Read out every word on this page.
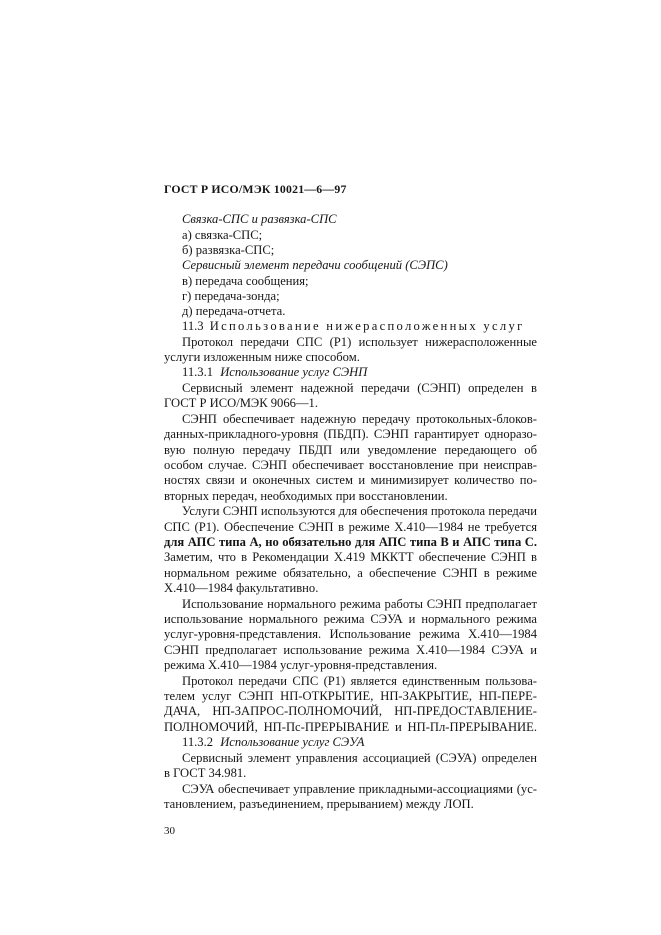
ГОСТ Р ИСО/МЭК 10021—6—97
Связка-СПС и развязка-СПС
а) связка-СПС;
б) развязка-СПС;
Сервисный элемент передачи сообщений (СЭПС)
в) передача сообщения;
г) передача-зонда;
д) передача-отчета.
11.3 Использование нижерасположенных услуг
Протокол передачи СПС (Р1) использует нижерасположенные
услуги изложенным ниже способом.
11.3.1 Использование услуг СЭНП
Сервисный элемент надежной передачи (СЭНП) определен в
ГОСТ Р ИСО/МЭК 9066—1.
СЭНП обеспечивает надежную передачу протокольных-блоков-
данных-прикладного-уровня (ПБДП). СЭНП гарантирует одноразо-
вую полную передачу ПБДП или уведомление передающего об
особом случае. СЭНП обеспечивает восстановление при неисправ-
ностях связи и оконечных систем и минимизирует количество по-
вторных передач, необходимых при восстановлении.
Услуги СЭНП используются для обеспечения протокола передачи
СПС (Р1). Обеспечение СЭНП в режиме Х.410—1984 не требуется
для АПС типа А, но обязательно для АПС типа В и АПС типа С.
Заметим, что в Рекомендации Х.419 МККТТ обеспечение СЭНП в
нормальном режиме обязательно, а обеспечение СЭНП в режиме
Х.410—1984 факультативно.
Использование нормального режима работы СЭНП предполагает
использование нормального режима СЭУА и нормального режима
услуг-уровня-представления. Использование режима Х.410—1984
СЭНП предполагает использование режима Х.410—1984 СЭУА и
режима Х.410—1984 услуг-уровня-представления.
Протокол передачи СПС (Р1) является единственным пользова-
телем услуг СЭНП НП-ОТКРЫТИЕ, НП-ЗАКРЫТИЕ, НП-ПЕРЕ-
ДАЧА, НП-ЗАПРОС-ПОЛНОМОЧИЙ, НП-ПРЕДОСТАВЛЕНИЕ-
ПОЛНОМОЧИЙ, НП-Пс-ПРЕРЫВАНИЕ и НП-Пл-ПРЕРЫВАНИЕ.
11.3.2 Использование услуг СЭУА
Сервисный элемент управления ассоциацией (СЭУА) определен
в ГОСТ 34.981.
СЭУА обеспечивает управление прикладными-ассоциациями (ус-
тановлением, разъединением, прерыванием) между ЛОП.
30
